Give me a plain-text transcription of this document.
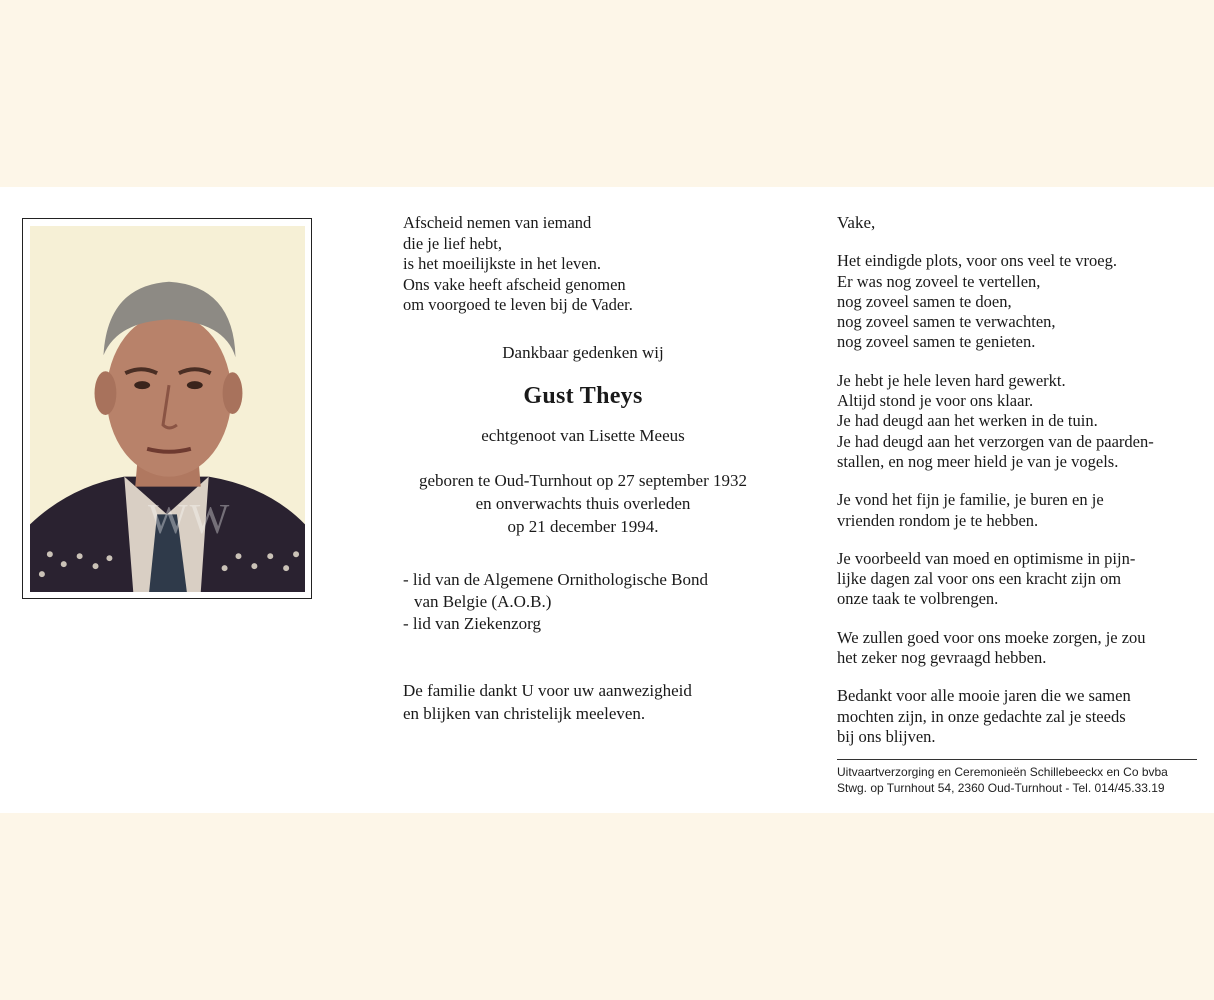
WW

Afscheid nemen van iemand

die je lief hebt,

is het moeilijkste in het leven.

Ons vake heeft afscheid genomen

om voorgoed te leven bij de Vader.

Dankbaar gedenken wij
Gust Theys
echtgenoot van Lisette Meeus
geboren te Oud-Turnhout op 27 september 1932
en onverwachts thuis overleden
op 21 december 1994.

- lid van de Algemene Ornithologische Bond

van Belgie (A.O.B.)

- lid van Ziekenzorg

De familie dankt U voor uw aanwezigheid

en blijken van christelijk meeleven.

Vake,

Het eindigde plots, voor ons veel te vroeg.

Er was nog zoveel te vertellen,

nog zoveel samen te doen,

nog zoveel samen te verwachten,

nog zoveel samen te genieten.

Je hebt je hele leven hard gewerkt.

Altijd stond je voor ons klaar.

Je had deugd aan het werken in de tuin.

Je had deugd aan het verzorgen van de paarden-

stallen, en nog meer hield je van je vogels.

Je vond het fijn je familie, je buren en je

vrienden rondom je te hebben.

Je voorbeeld van moed en optimisme in pijn-

lijke dagen zal voor ons een kracht zijn om

onze taak te volbrengen.

We zullen goed voor ons moeke zorgen, je zou

het zeker nog gevraagd hebben.

Bedankt voor alle mooie jaren die we samen

mochten zijn, in onze gedachte zal je steeds

bij ons blijven.

Uitvaartverzorging en Ceremonieën Schillebeeckx en Co bvba

Stwg. op Turnhout 54, 2360 Oud-Turnhout - Tel. 014/45.33.19
